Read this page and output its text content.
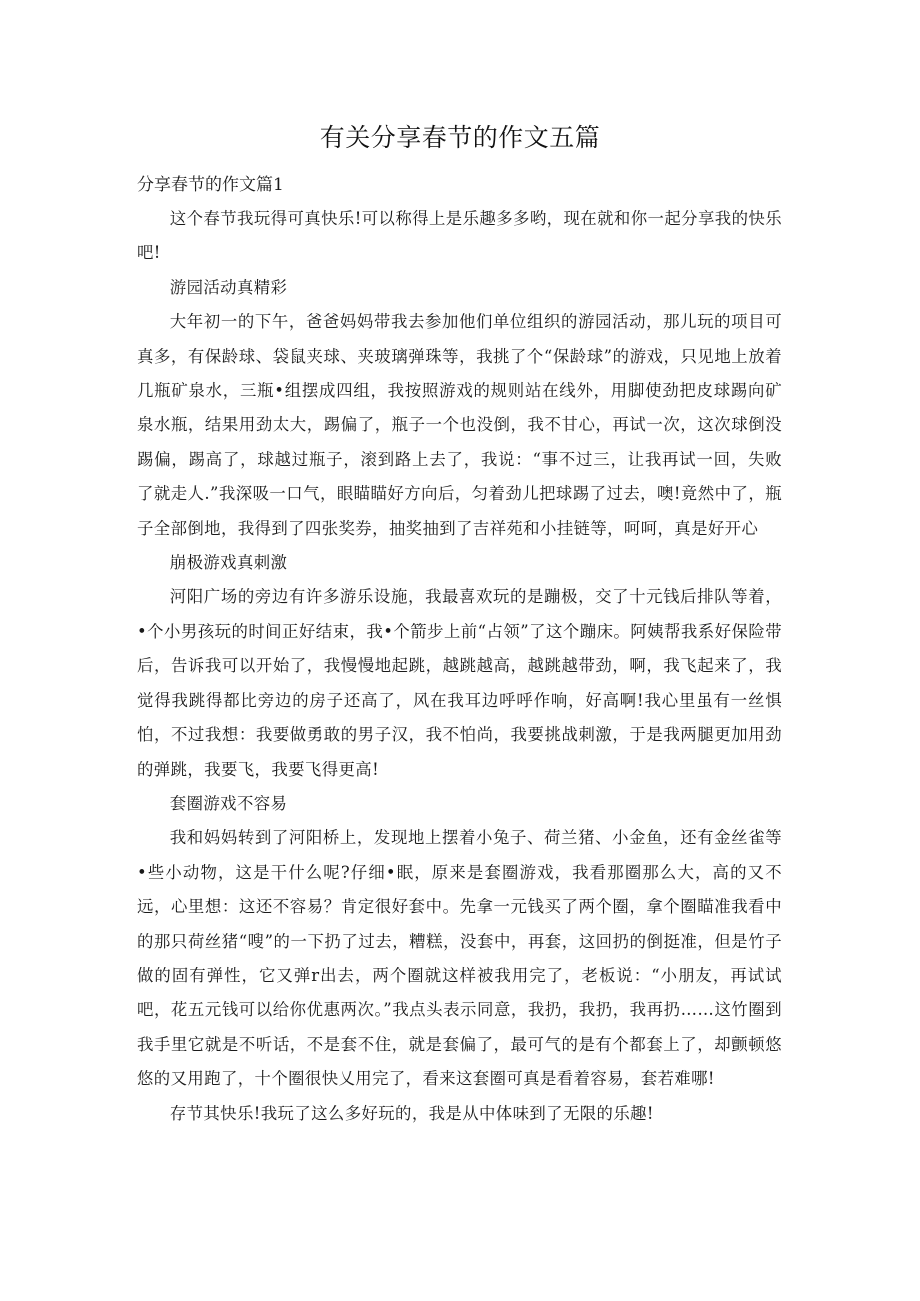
有关分享春节的作文五篇
分享春节的作文篇1

这个春节我玩得可真快乐!可以称得上是乐趣多多哟，现在就和你一起分享我的快乐吧!

游园活动真精彩

大年初一的下午，爸爸妈妈带我去参加他们单位组织的游园活动，那儿玩的项目可真多，有保龄球、袋鼠夹球、夹玻璃弹珠等，我挑了个“保龄球”的游戏，只见地上放着几瓶矿泉水，三瓶•组摆成四组，我按照游戏的规则站在线外，用脚使劲把皮球踢向矿泉水瓶，结果用劲太大，踢偏了，瓶子一个也没倒，我不甘心，再试一次，这次球倒没踢偏，踢高了，球越过瓶子，滚到路上去了，我说：“事不过三，让我再试一回，失败了就走人.”我深吸一口气，眼瞄瞄好方向后，匀着劲儿把球踢了过去，噢!竟然中了，瓶子全部倒地，我得到了四张奖券，抽奖抽到了吉祥苑和小挂链等，呵呵，真是好开心

崩极游戏真刺激

河阳广场的旁边有许多游乐设施，我最喜欢玩的是蹦极，交了十元钱后排队等着，•个小男孩玩的时间正好结束，我•个箭步上前“占领”了这个蹦床。阿姨帮我系好保险带后，告诉我可以开始了，我慢慢地起跳，越跳越高，越跳越带劲，啊，我飞起来了，我觉得我跳得都比旁边的房子还高了，风在我耳边呼呼作响，好高啊!我心里虽有一丝惧怕，不过我想：我要做勇敢的男子汉，我不怕尚，我要挑战刺激，于是我两腿更加用劲的弹跳，我要飞，我要飞得更高!

套圈游戏不容易

我和妈妈转到了河阳桥上，发现地上摆着小兔子、荷兰猪、小金鱼，还有金丝雀等•些小动物，这是干什么呢?仔细•眠，原来是套圈游戏，我看那圈那么大，高的又不远，心里想：这还不容易？肯定很好套中。先拿一元钱买了两个圈，拿个圈瞄准我看中的那只荷丝猪“嗖”的一下扔了过去，糟糕，没套中，再套，这回扔的倒挺准，但是竹子做的固有弹性，它又弹r出去，两个圈就这样被我用完了，老板说：“小朋友，再试试吧，花五元钱可以给你优惠两次。”我点头表示同意，我扔，我扔，我再扔……这竹圈到我手里它就是不听话，不是套不住，就是套偏了，最可气的是有个都套上了，却颤顿悠悠的又用跑了，十个圈很快乂用完了，看来这套圈可真是看着容易，套若难哪!

存节其快乐!我玩了这么多好玩的，我是从中体味到了无限的乐趣!
